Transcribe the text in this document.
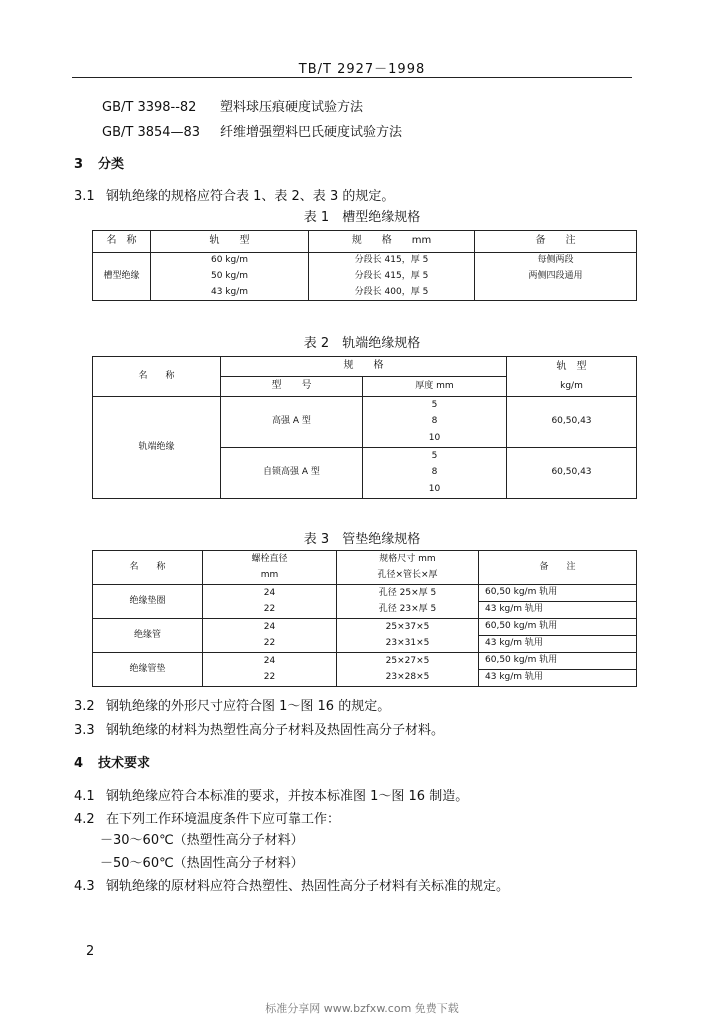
TB/T 2927－1998
GB/T 3398--82 塑料球压痕硬度试验方法
GB/T 3854—83 纤维增强塑料巴氏硬度试验方法
3 分类
3.1 钢轨绝缘的规格应符合表 1、表 2、表 3 的规定。
表 1　槽型绝缘规格
名　称	轨　　型	规　　格　　mm	备　　注
槽型绝缘	60 kg/m	分段长 415，厚 5	每侧两段
	50 kg/m	分段长 415，厚 5	两侧四段通用
	43 kg/m	分段长 400，厚 5	
表 2　轨端绝缘规格
名　　称	规　　格		轨　型
	型　　号	厚度 mm	kg/m
轨端绝缘	高强 A 型	5	60,50,43
		8	
		10	
	自锁高强 A 型	5	60,50,43
		8	
		10	
表 3　管垫绝缘规格
名　　称	螺栓直径	规格尺寸 mm	备　　注
	mm	孔径×管长×厚	
绝缘垫圈	24	孔径 25×厚 5	60,50 kg/m 轨用
	22	孔径 23×厚 5	43 kg/m 轨用
绝缘管	24	25×37×5	60,50 kg/m 轨用
	22	23×31×5	43 kg/m 轨用
绝缘管垫	24	25×27×5	60,50 kg/m 轨用
	22	23×28×5	43 kg/m 轨用
3.2 钢轨绝缘的外形尺寸应符合图 1～图 16 的规定。
3.3 钢轨绝缘的材料为热塑性高分子材料及热固性高分子材料。
4 技术要求
4.1 钢轨绝缘应符合本标准的要求，并按本标准图 1～图 16 制造。
4.2 在下列工作环境温度条件下应可靠工作：
－30～60℃（热塑性高分子材料）
－50～60℃（热固性高分子材料）
4.3 钢轨绝缘的原材料应符合热塑性、热固性高分子材料有关标准的规定。
2
标准分享网 www.bzfxw.com 免费下载
